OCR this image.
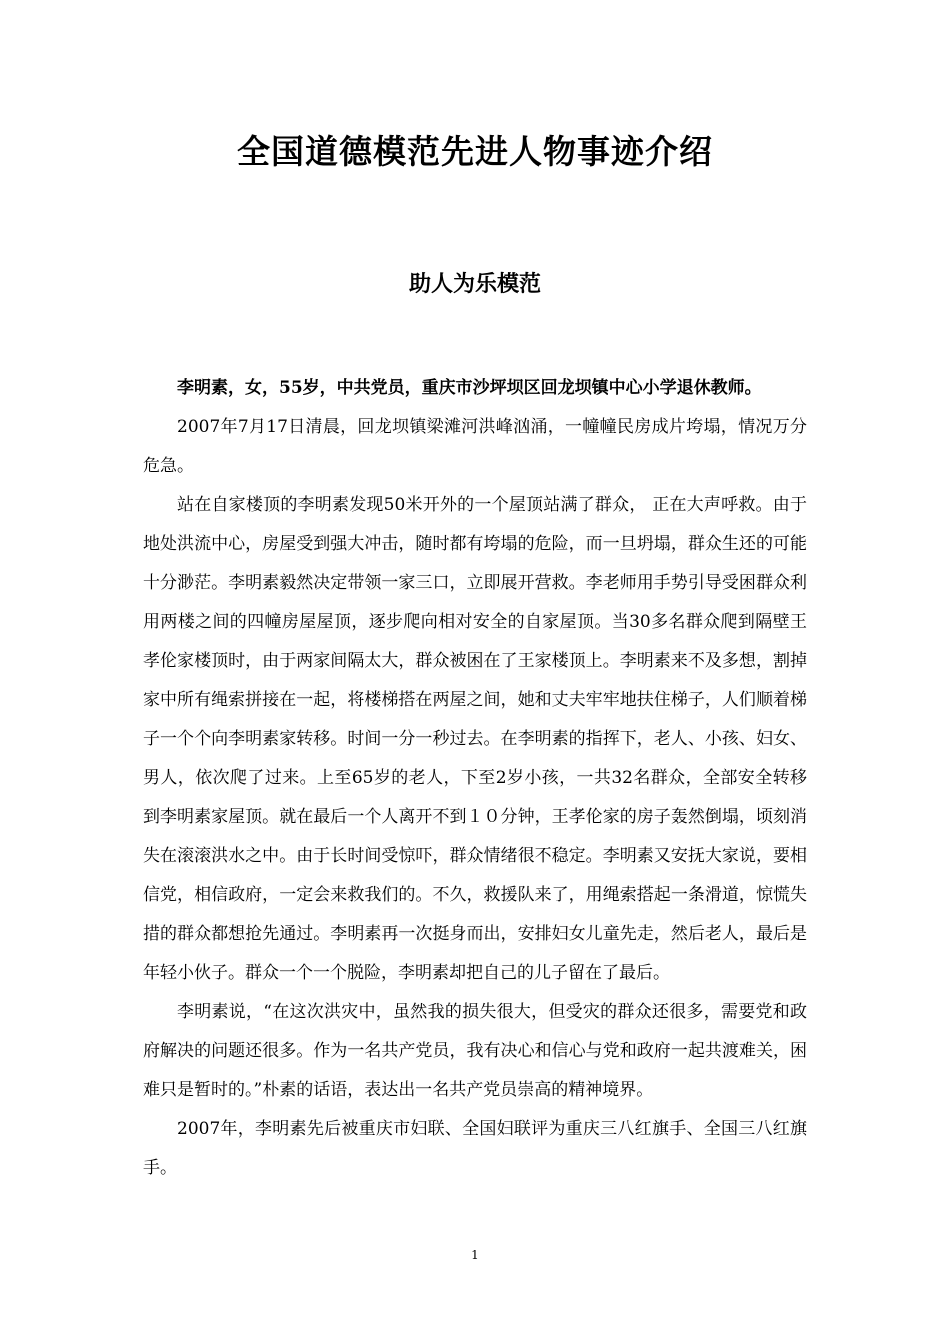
全国道德模范先进人物事迹介绍
助人为乐模范

李明素，女，55岁，中共党员，重庆市沙坪坝区回龙坝镇中心小学退休教师。

2007年7月17日清晨，回龙坝镇梁滩河洪峰汹涌，一幢幢民房成片垮塌，情况万分危急。

站在自家楼顶的李明素发现50米开外的一个屋顶站满了群众， 正在大声呼救。由于地处洪流中心，房屋受到强大冲击，随时都有垮塌的危险，而一旦坍塌，群众生还的可能十分渺茫。李明素毅然决定带领一家三口，立即展开营救。李老师用手势引导受困群众利用两楼之间的四幢房屋屋顶，逐步爬向相对安全的自家屋顶。当30多名群众爬到隔壁王孝伦家楼顶时，由于两家间隔太大，群众被困在了王家楼顶上。李明素来不及多想，割掉家中所有绳索拼接在一起，将楼梯搭在两屋之间，她和丈夫牢牢地扶住梯子，人们顺着梯子一个个向李明素家转移。时间一分一秒过去。在李明素的指挥下，老人、小孩、妇女、男人，依次爬了过来。上至65岁的老人，下至2岁小孩，一共32名群众，全部安全转移到李明素家屋顶。就在最后一个人离开不到１０分钟，王孝伦家的房子轰然倒塌，顷刻消失在滚滚洪水之中。由于长时间受惊吓，群众情绪很不稳定。李明素又安抚大家说，要相信党，相信政府，一定会来救我们的。不久，救援队来了，用绳索搭起一条滑道，惊慌失措的群众都想抢先通过。李明素再一次挺身而出，安排妇女儿童先走，然后老人，最后是年轻小伙子。群众一个一个脱险，李明素却把自己的儿子留在了最后。

李明素说，“在这次洪灾中，虽然我的损失很大，但受灾的群众还很多，需要党和政府解决的问题还很多。作为一名共产党员，我有决心和信心与党和政府一起共渡难关，困难只是暂时的。”朴素的话语，表达出一名共产党员崇高的精神境界。

2007年，李明素先后被重庆市妇联、全国妇联评为重庆三八红旗手、全国三八红旗手。

1
